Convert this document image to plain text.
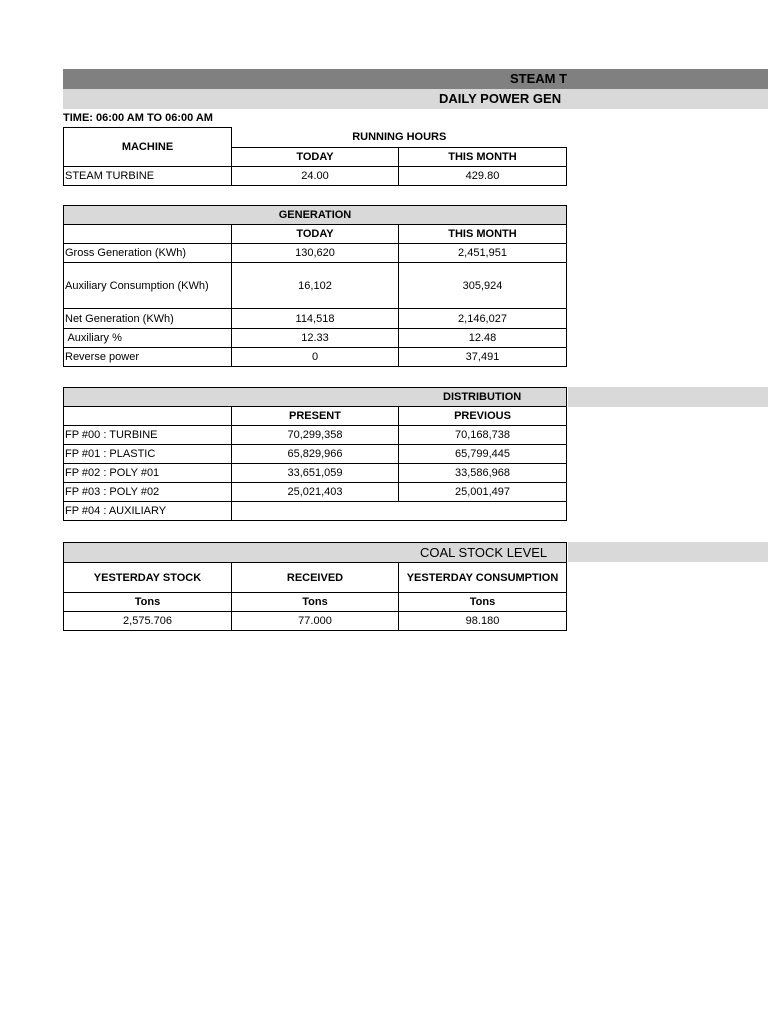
STEAM T
DAILY POWER GEN
TIME: 06:00 AM TO 06:00 AM
MACHINE	RUNNING HOURS	
	TODAY	THIS MONTH
STEAM TURBINE	24.00	429.80
GENERATION		
	TODAY	THIS MONTH
Gross Generation (KWh)	130,620	2,451,951
Auxiliary Consumption (KWh)	16,102	305,924
Net Generation (KWh)	114,518	2,146,027
Auxiliary %	12.33	12.48
Reverse power	0	37,491
DISTRIBUTION		

	PRESENT	PREVIOUS
FP #00 : TURBINE	70,299,358	70,168,738
FP #01 : PLASTIC	65,829,966	65,799,445
FP #02 : POLY #01	33,651,059	33,586,968
FP #03 : POLY #02	25,021,403	25,001,497
FP #04 : AUXILIARY		
COAL STOCK LEVEL		

YESTERDAY STOCK	RECEIVED	YESTERDAY CONSUMPTION
Tons	Tons	Tons
2,575.706	77.000	98.180
